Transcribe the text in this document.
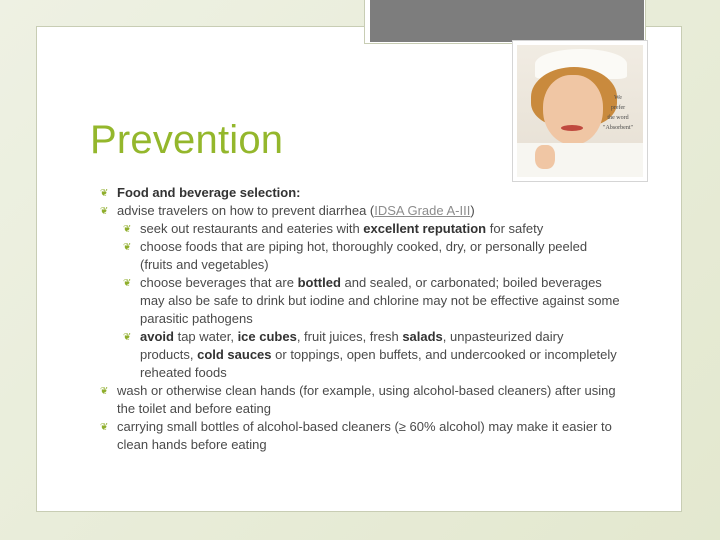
We
prefer
the word
"Absorbent"
Prevention
❦ Food and beverage selection:
❦ advise travelers on how to prevent diarrhea (IDSA Grade A-III)
❦ seek out restaurants and eateries with excellent reputation for safety
❦ choose foods that are piping hot, thoroughly cooked, dry, or personally peeled (fruits and vegetables)
❦ choose beverages that are bottled and sealed, or carbonated; boiled beverages may also be safe to drink but iodine and chlorine may not be effective against some parasitic pathogens
❦ avoid tap water, ice cubes, fruit juices, fresh salads, unpasteurized dairy products, cold sauces or toppings, open buffets, and undercooked or incompletely reheated foods
❦ wash or otherwise clean hands (for example, using alcohol-based cleaners) after using the toilet and before eating
❦ carrying small bottles of alcohol-based cleaners (≥ 60% alcohol) may make it easier to clean hands before eating
